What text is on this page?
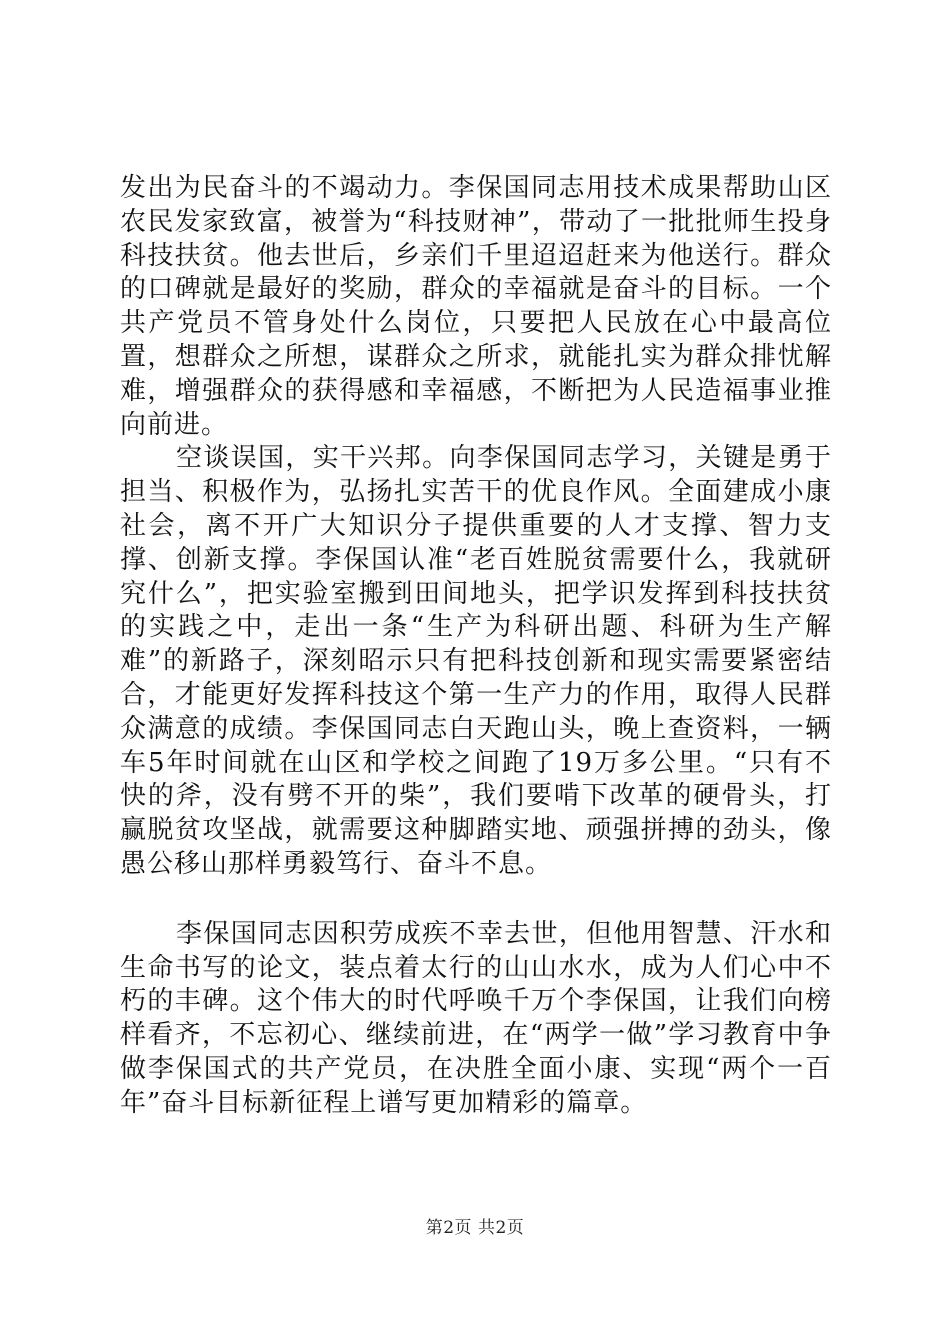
发出为民奋斗的不竭动力。李保国同志用技术成果帮助山区农民发家致富，被誉为“科技财神”，带动了一批批师生投身科技扶贫。他去世后，乡亲们千里迢迢赶来为他送行。群众的口碑就是最好的奖励，群众的幸福就是奋斗的目标。一个共产党员不管身处什么岗位，只要把人民放在心中最高位置，想群众之所想，谋群众之所求，就能扎实为群众排忧解难，增强群众的获得感和幸福感，不断把为人民造福事业推向前进。

空谈误国，实干兴邦。向李保国同志学习，关键是勇于担当、积极作为，弘扬扎实苦干的优良作风。全面建成小康社会，离不开广大知识分子提供重要的人才支撑、智力支撑、创新支撑。李保国认准“老百姓脱贫需要什么，我就研究什么”，把实验室搬到田间地头，把学识发挥到科技扶贫的实践之中，走出一条“生产为科研出题、科研为生产解难”的新路子，深刻昭示只有把科技创新和现实需要紧密结合，才能更好发挥科技这个第一生产力的作用，取得人民群众满意的成绩。李保国同志白天跑山头，晚上查资料，一辆车5年时间就在山区和学校之间跑了19万多公里。“只有不快的斧，没有劈不开的柴”，我们要啃下改革的硬骨头，打赢脱贫攻坚战，就需要这种脚踏实地、顽强拼搏的劲头，像愚公移山那样勇毅笃行、奋斗不息。

李保国同志因积劳成疾不幸去世，但他用智慧、汗水和生命书写的论文，装点着太行的山山水水，成为人们心中不朽的丰碑。这个伟大的时代呼唤千万个李保国，让我们向榜样看齐，不忘初心、继续前进，在“两学一做”学习教育中争做李保国式的共产党员，在决胜全面小康、实现“两个一百年”奋斗目标新征程上谱写更加精彩的篇章。

第2页 共2页
